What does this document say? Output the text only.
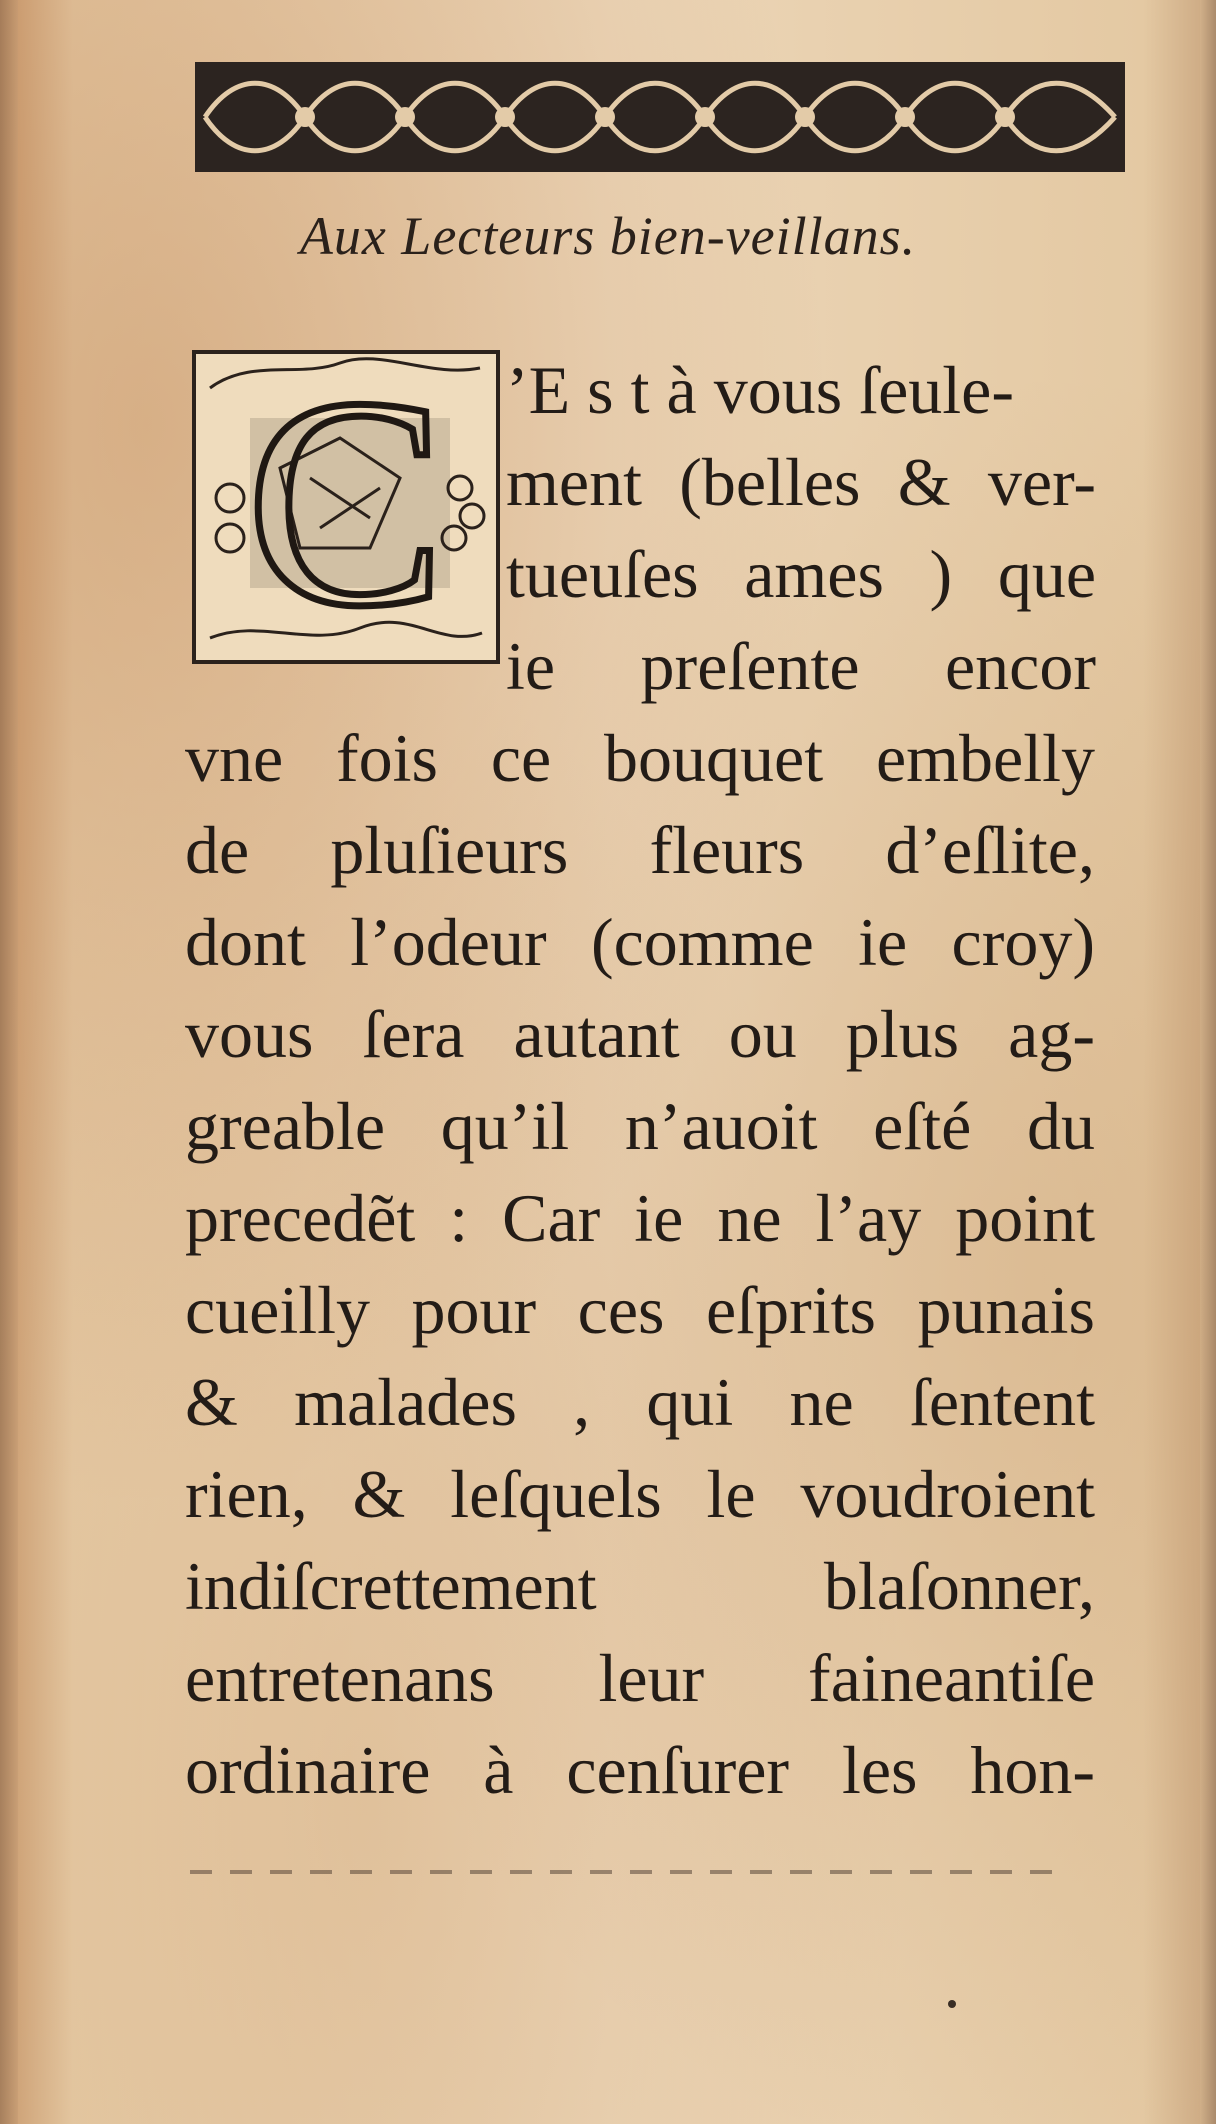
Aux Lecteurs bien-veillans.
C ’E s t à vous ſeule-
ment (belles & ver-
tueuſes ames ) que
ie preſente encor
vne fois ce bouquet embelly
de pluſieurs fleurs d’eſlite,
dont l’odeur (comme ie croy)
vous ſera autant ou plus ag-
greable qu’il n’auoit eſté du
precedẽt : Car ie ne l’ay point
cueilly pour ces eſprits punais
& malades , qui ne ſentent
rien, & leſquels le voudroient
indiſcrettement blaſonner,
entretenans leur faineantiſe
ordinaire à cenſurer les hon-
